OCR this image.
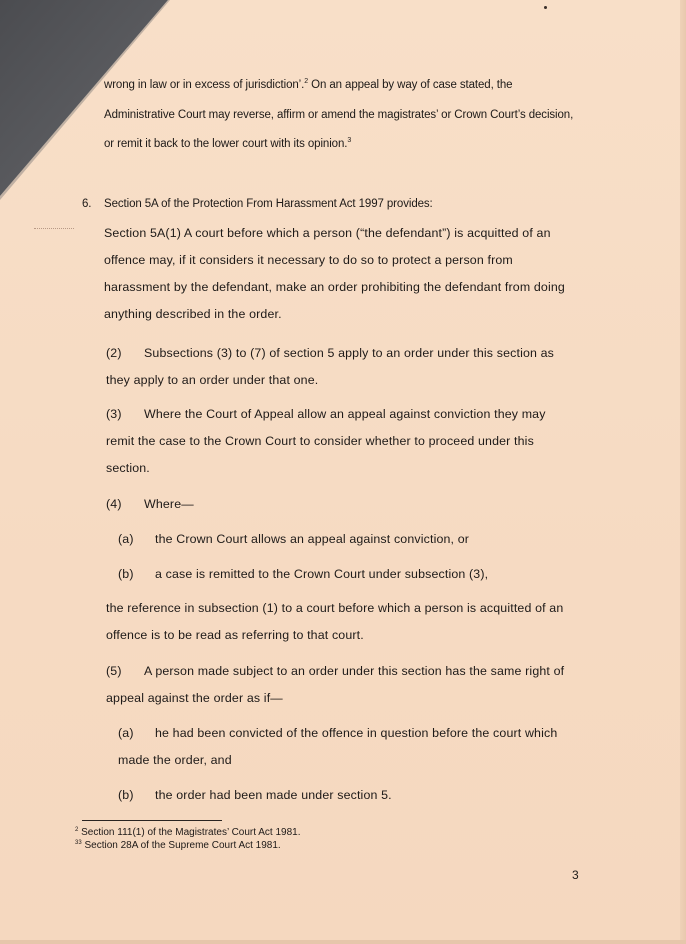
wrong in law or in excess of jurisdiction’.$^2$ On an appeal by way of case stated, the
Administrative Court may reverse, affirm or amend the magistrates’ or Crown Court’s decision,
or remit it back to the lower court with its opinion.$^3$
6. Section 5A of the Protection From Harassment Act 1997 provides:
Section 5A(1) A court before which a person (“the defendant”) is acquitted of an
offence may, if it considers it necessary to do so to protect a person from
harassment by the defendant, make an order prohibiting the defendant from doing
anything described in the order.
(2) Subsections (3) to (7) of section 5 apply to an order under this section as
they apply to an order under that one.
(3) Where the Court of Appeal allow an appeal against conviction they may
remit the case to the Crown Court to consider whether to proceed under this
section.
(4) Where—
(a) the Crown Court allows an appeal against conviction, or
(b) a case is remitted to the Crown Court under subsection (3),
the reference in subsection (1) to a court before which a person is acquitted of an
offence is to be read as referring to that court.
(5) A person made subject to an order under this section has the same right of
appeal against the order as if—
(a) he had been convicted of the offence in question before the court which
made the order, and
(b) the order had been made under section 5.
$^2$ Section 111(1) of the Magistrates’ Court Act 1981.
$^{33}$ Section 28A of the Supreme Court Act 1981.
3
